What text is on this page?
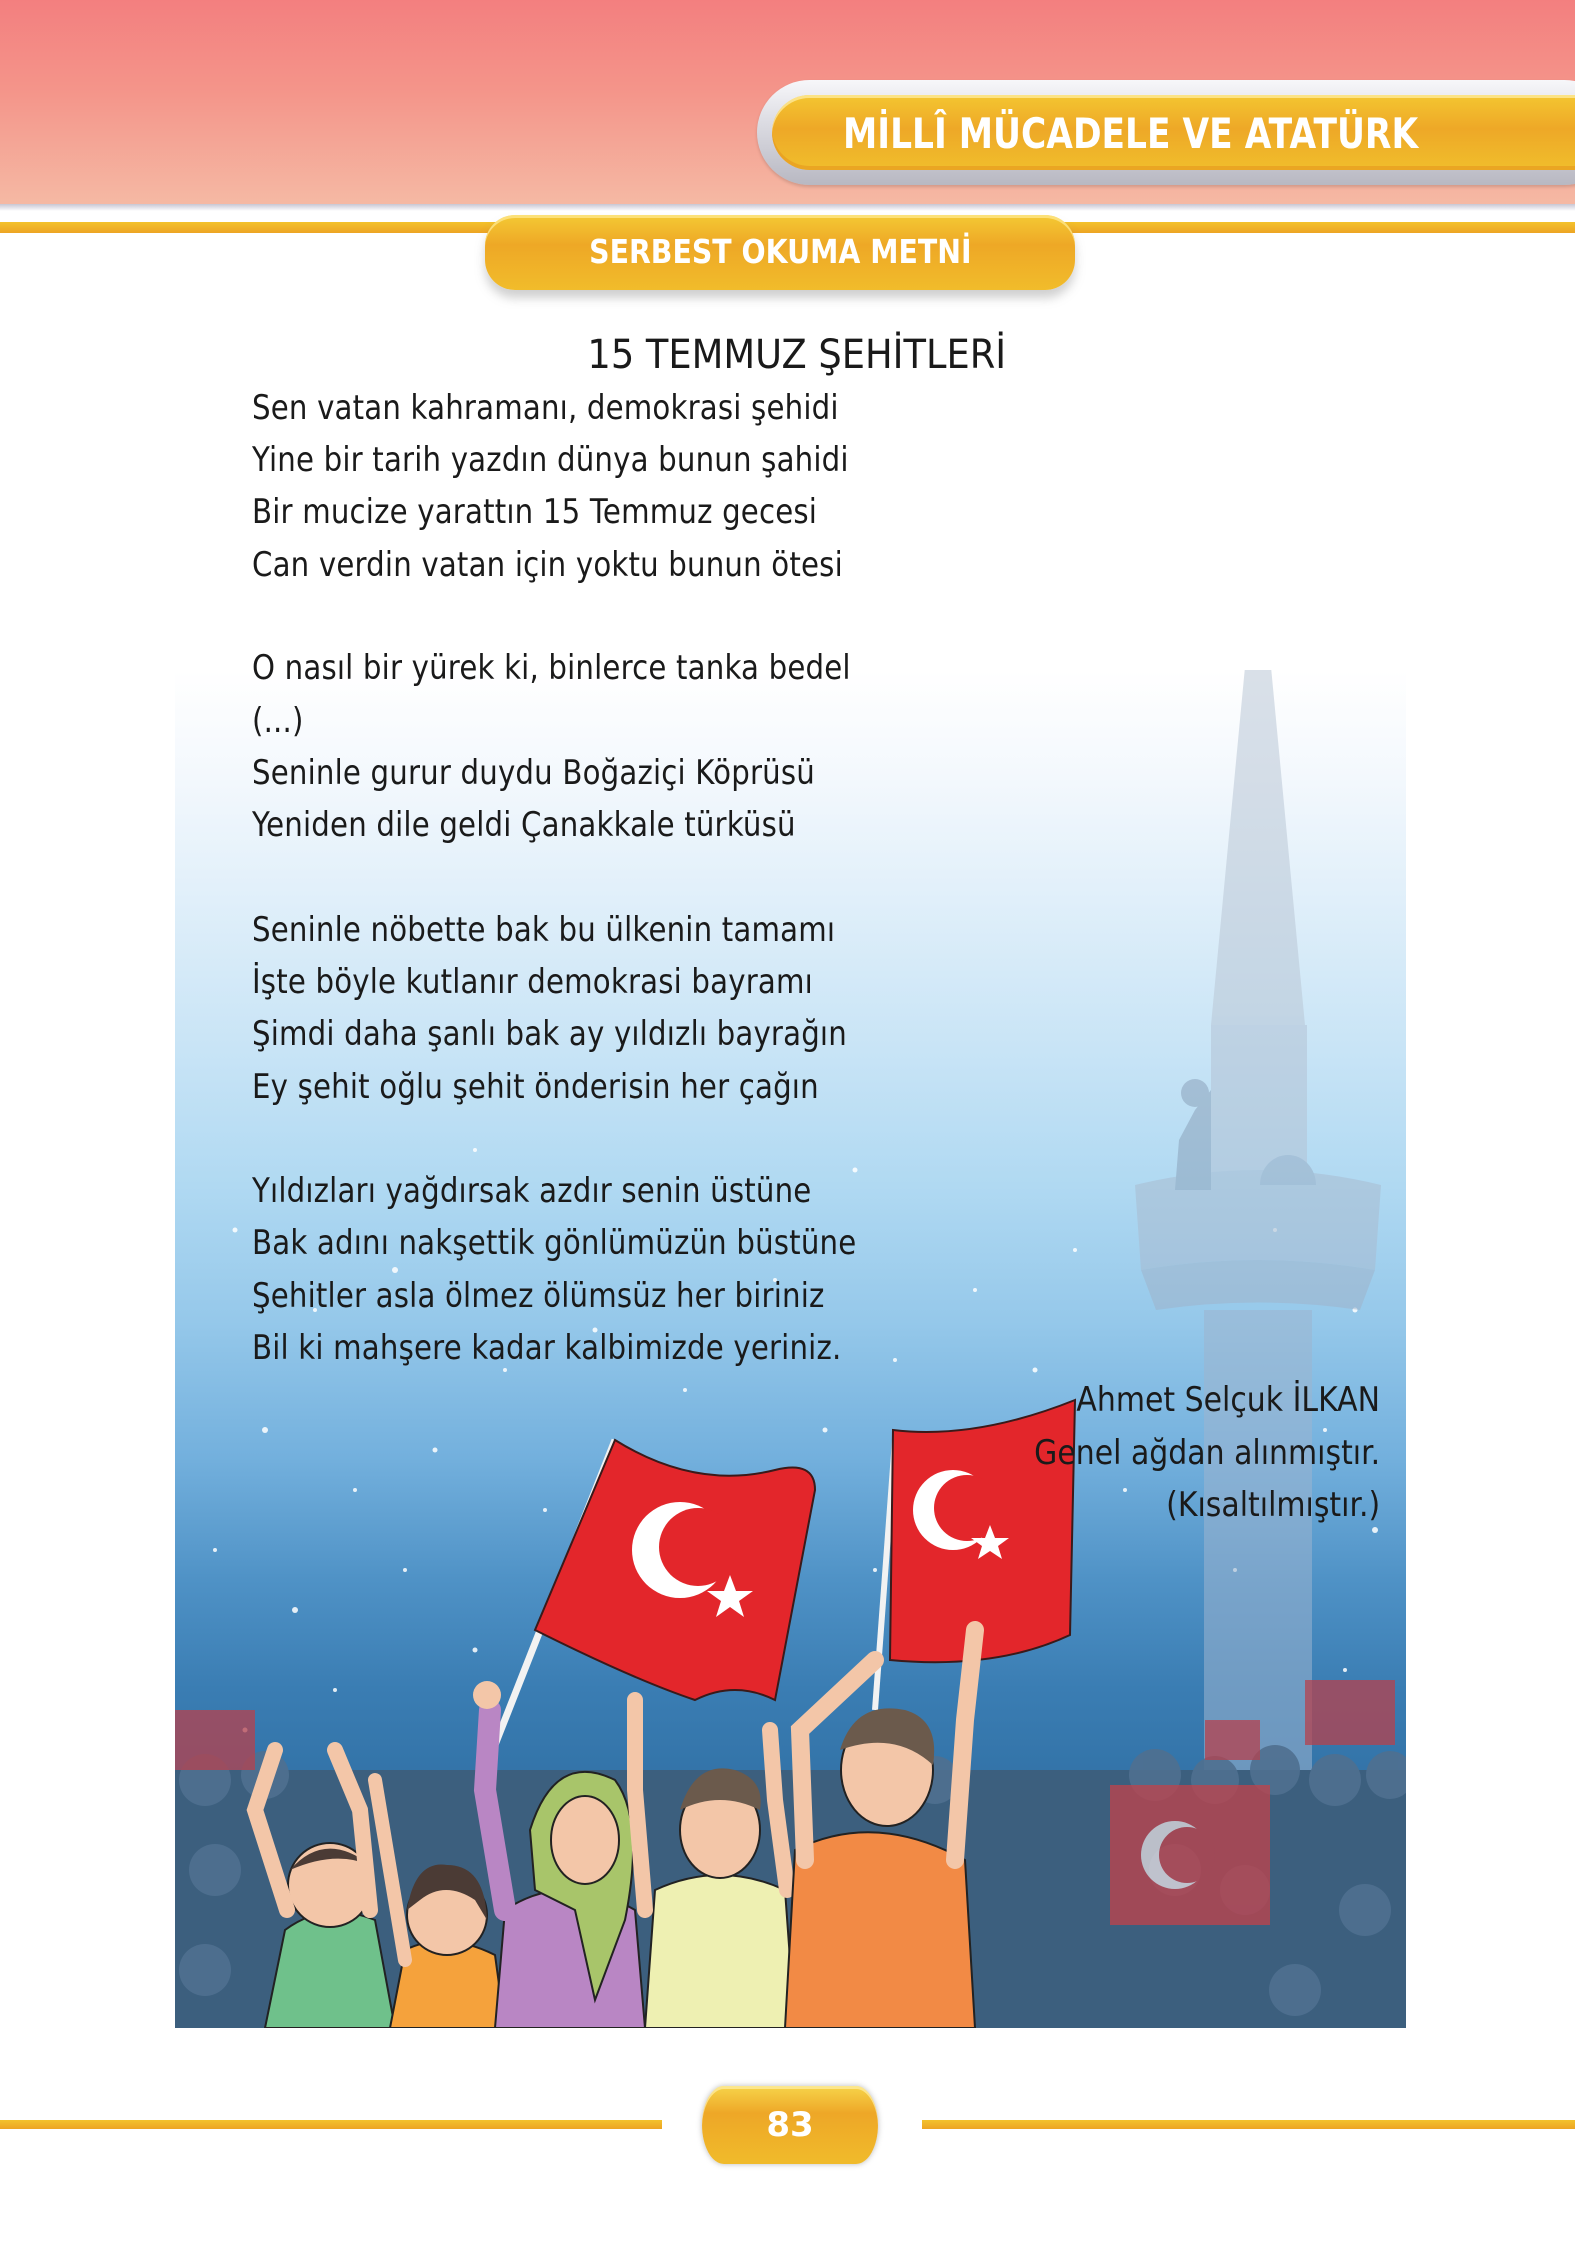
MİLLÎ MÜCADELE VE ATATÜRK
SERBEST OKUMA METNİ
15 TEMMUZ ŞEHİTLERİ
Sen vatan kahramanı, demokrasi şehidi
Yine bir tarih yazdın dünya bunun şahidi
Bir mucize yarattın 15 Temmuz gecesi
Can verdin vatan için yoktu bunun ötesi
O nasıl bir yürek ki, binlerce tanka bedel
(...)
Seninle gurur duydu Boğaziçi Köprüsü
Yeniden dile geldi Çanakkale türküsü
Seninle nöbette bak bu ülkenin tamamı
İşte böyle kutlanır demokrasi bayramı
Şimdi daha şanlı bak ay yıldızlı bayrağın
Ey şehit oğlu şehit önderisin her çağın
Yıldızları yağdırsak azdır senin üstüne
Bak adını nakşettik gönlümüzün büstüne
Şehitler asla ölmez ölümsüz her biriniz
Bil ki mahşere kadar kalbimizde yeriniz.
Ahmet Selçuk İLKAN
Genel ağdan alınmıştır.
(Kısaltılmıştır.)
83
